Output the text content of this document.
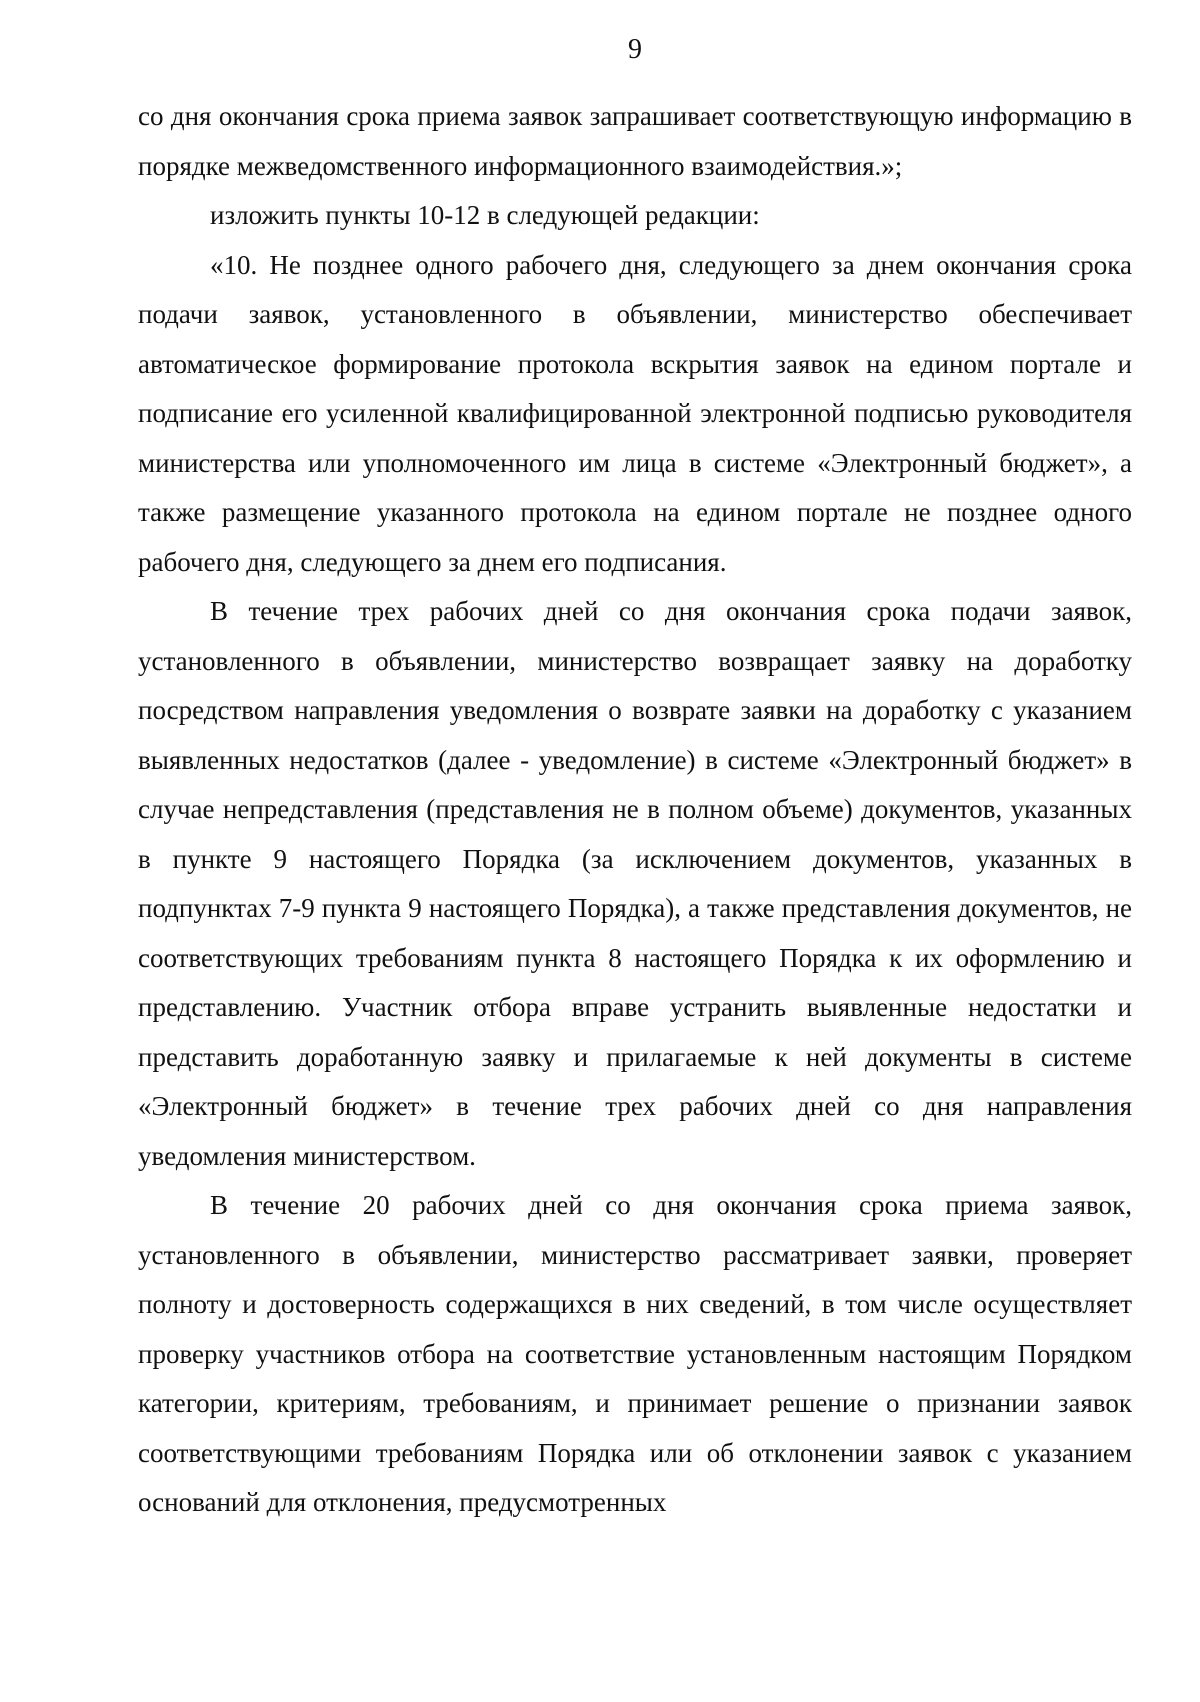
9

со дня окончания срока приема заявок запрашивает соответствующую информацию в порядке межведомственного информационного взаимодействия.»;

изложить пункты 10-12 в следующей редакции:

«10. Не позднее одного рабочего дня, следующего за днем окончания срока подачи заявок, установленного в объявлении, министерство обеспечивает автоматическое формирование протокола вскрытия заявок на едином портале и подписание его усиленной квалифицированной электронной подписью руководителя министерства или уполномоченного им лица в системе «Электронный бюджет», а также размещение указанного протокола на едином портале не позднее одного рабочего дня, следующего за днем его подписания.

В течение трех рабочих дней со дня окончания срока подачи заявок, установленного в объявлении, министерство возвращает заявку на доработку посредством направления уведомления о возврате заявки на доработку с указанием выявленных недостатков (далее - уведомление) в системе «Электронный бюджет» в случае непредставления (представления не в полном объеме) документов, указанных в пункте 9 настоящего Порядка (за исключением документов, указанных в подпунктах 7-9 пункта 9 настоящего Порядка), а также представления документов, не соответствующих требованиям пункта 8 настоящего Порядка к их оформлению и представлению. Участник отбора вправе устранить выявленные недостатки и представить доработанную заявку и прилагаемые к ней документы в системе «Электронный бюджет» в течение трех рабочих дней со дня направления уведомления министерством.

В течение 20 рабочих дней со дня окончания срока приема заявок, установленного в объявлении, министерство рассматривает заявки, проверяет полноту и достоверность содержащихся в них сведений, в том числе осуществляет проверку участников отбора на соответствие установленным настоящим Порядком категории, критериям, требованиям, и принимает решение о признании заявок соответствующими требованиям Порядка или об отклонении заявок с указанием оснований для отклонения, предусмотренных
